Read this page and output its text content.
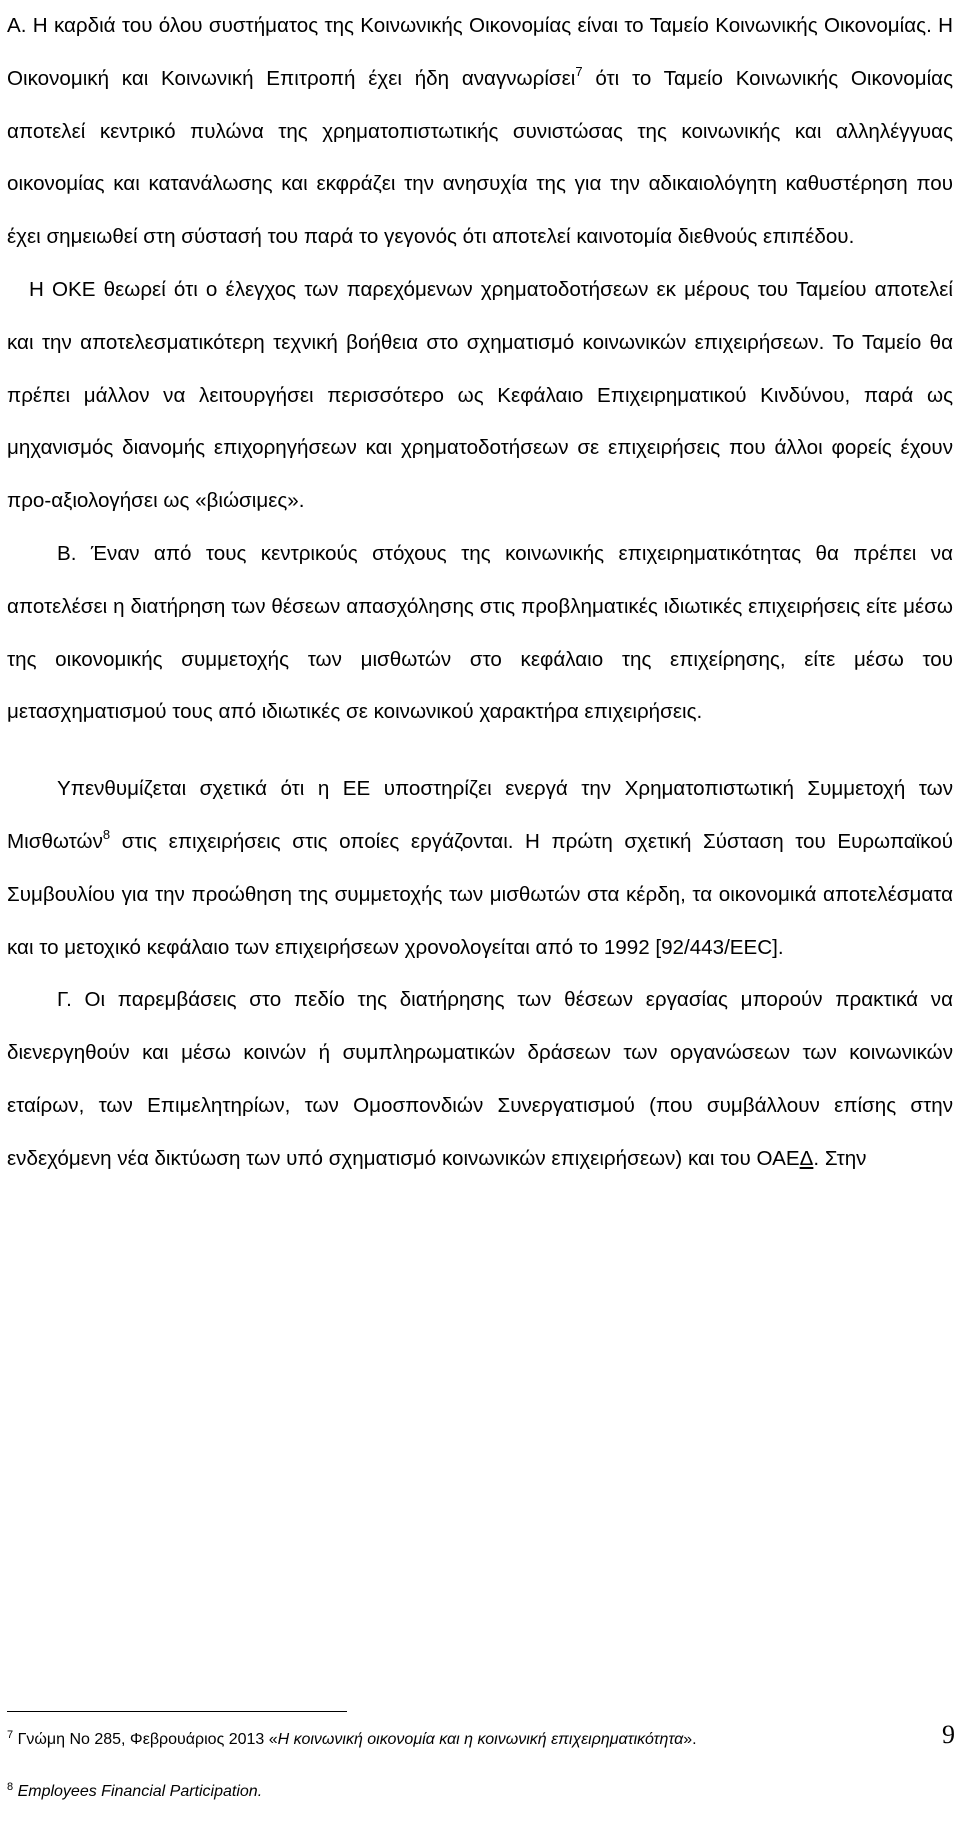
Α. Η καρδιά του όλου συστήματος της Κοινωνικής Οικονομίας είναι το Ταμείο Κοινωνικής Οικονομίας. Η Οικονομική και Κοινωνική Επιτροπή έχει ήδη αναγνωρίσει$^7$ ότι το Ταμείο Κοινωνικής Οικονομίας αποτελεί κεντρικό πυλώνα της χρηματοπιστωτικής συνιστώσας της κοινωνικής και αλληλέγγυας οικονομίας και κατανάλωσης και εκφράζει την ανησυχία της για την αδικαιολόγητη καθυστέρηση που έχει σημειωθεί στη σύστασή του παρά το γεγονός ότι αποτελεί καινοτομία διεθνούς επιπέδου.

Η ΟΚΕ θεωρεί ότι ο έλεγχος των παρεχόμενων χρηματοδοτήσεων εκ μέρους του Ταμείου αποτελεί και την αποτελεσματικότερη τεχνική βοήθεια στο σχηματισμό κοινωνικών επιχειρήσεων. Το Ταμείο θα πρέπει μάλλον να λειτουργήσει περισσότερο ως Κεφάλαιο Επιχειρηματικού Κινδύνου, παρά ως μηχανισμός διανομής επιχορηγήσεων και χρηματοδοτήσεων σε επιχειρήσεις που άλλοι φορείς έχουν προ-αξιολογήσει ως «βιώσιμες».

Β. Έναν από τους κεντρικούς στόχους της κοινωνικής επιχειρηματικότητας θα πρέπει να αποτελέσει η διατήρηση των θέσεων απασχόλησης στις προβληματικές ιδιωτικές επιχειρήσεις είτε μέσω της οικονομικής συμμετοχής των μισθωτών στο κεφάλαιο της επιχείρησης, είτε μέσω του μετασχηματισμού τους από ιδιωτικές σε κοινωνικού χαρακτήρα επιχειρήσεις.

Υπενθυμίζεται σχετικά ότι η ΕΕ υποστηρίζει ενεργά την Χρηματοπιστωτική Συμμετοχή των Μισθωτών$^8$ στις επιχειρήσεις στις οποίες εργάζονται. Η πρώτη σχετική Σύσταση του Ευρωπαϊκού Συμβουλίου για την προώθηση της συμμετοχής των μισθωτών στα κέρδη, τα οικονομικά αποτελέσματα και το μετοχικό κεφάλαιο των επιχειρήσεων χρονολογείται από το 1992 [92/443/ΕΕC].

Γ. Οι παρεμβάσεις στο πεδίο της διατήρησης των θέσεων εργασίας μπορούν πρακτικά να διενεργηθούν και μέσω κοινών ή συμπληρωματικών δράσεων των οργανώσεων των κοινωνικών εταίρων, των Επιμελητηρίων, των Ομοσπονδιών Συνεργατισμού (που συμβάλλουν επίσης στην ενδεχόμενη νέα δικτύωση των υπό σχηματισμό κοινωνικών επιχειρήσεων) και του ΟΑΕΔ. Στην

$^7$ Γνώμη Νο 285, Φεβρουάριος 2013 «Η κοινωνική οικονομία και η κοινωνική επιχειρηματικότητα».

$^8$ Employees Financial Participation.

9
